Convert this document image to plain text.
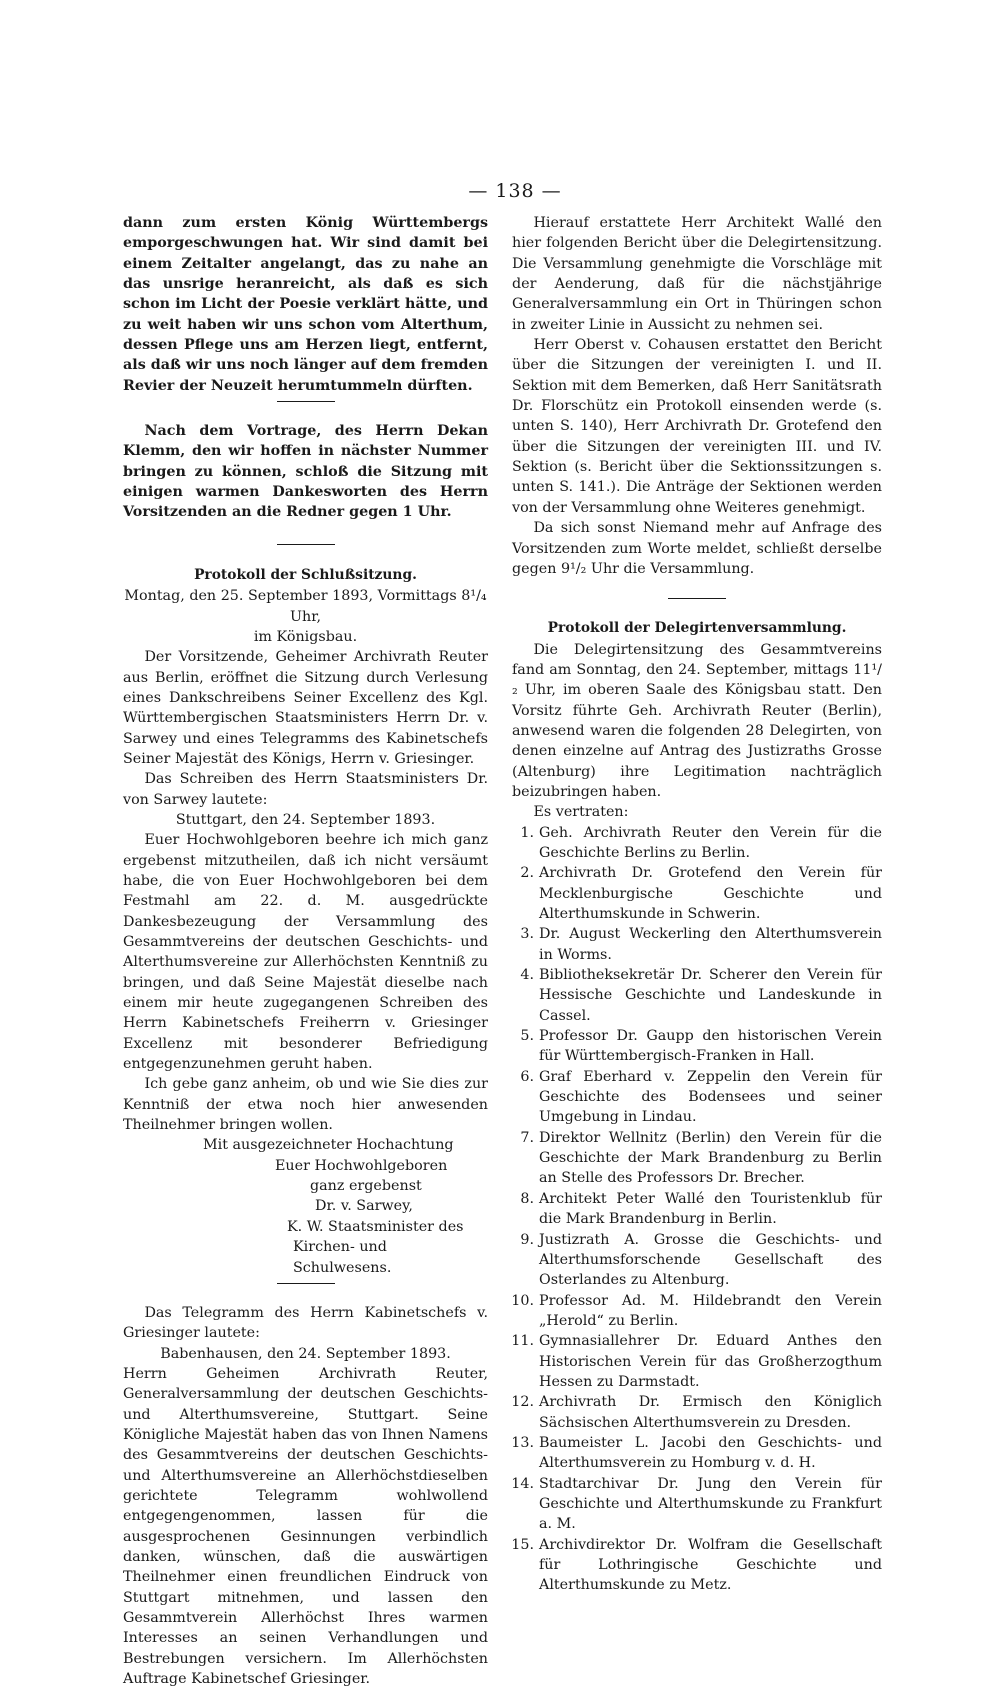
— 138 —

dann zum ersten König Württembergs emporgeschwungen hat. Wir sind damit bei einem Zeitalter angelangt, das zu nahe an das unsrige heranreicht, als daß es sich schon im Licht der Poesie verklärt hätte, und zu weit haben wir uns schon vom Alterthum, dessen Pflege uns am Herzen liegt, entfernt, als daß wir uns noch länger auf dem fremden Revier der Neuzeit herumtummeln dürften.

Nach dem Vortrage, des Herrn Dekan Klemm, den wir hoffen in nächster Nummer bringen zu können, schloß die Sitzung mit einigen warmen Dankesworten des Herrn Vorsitzenden an die Redner gegen 1 Uhr.

Protokoll der Schlußsitzung.

Montag, den 25. September 1893, Vormittags 8¹/₄ Uhr,

im Königsbau.

Der Vorsitzende, Geheimer Archivrath Reuter aus Berlin, eröffnet die Sitzung durch Verlesung eines Dankschreibens Seiner Excellenz des Kgl. Württembergischen Staatsministers Herrn Dr. v. Sarwey und eines Telegramms des Kabinetschefs Seiner Majestät des Königs, Herrn v. Griesinger.

Das Schreiben des Herrn Staatsministers Dr. von Sarwey lautete:

Stuttgart, den 24. September 1893.

Euer Hochwohlgeboren beehre ich mich ganz ergebenst mitzutheilen, daß ich nicht versäumt habe, die von Euer Hochwohlgeboren bei dem Festmahl am 22. d. M. ausgedrückte Dankesbezeugung der Versammlung des Gesammtvereins der deutschen Geschichts- und Alterthumsvereine zur Allerhöchsten Kenntniß zu bringen, und daß Seine Majestät dieselbe nach einem mir heute zugegangenen Schreiben des Herrn Kabinetschefs Freiherrn v. Griesinger Excellenz mit besonderer Befriedigung entgegenzunehmen geruht haben.

Ich gebe ganz anheim, ob und wie Sie dies zur Kenntniß der etwa noch hier anwesenden Theilnehmer bringen wollen.

Mit ausgezeichneter Hochachtung

Euer Hochwohlgeboren

ganz ergebenst

Dr. v. Sarwey,

K. W. Staatsminister des

Kirchen- und Schulwesens.

Das Telegramm des Herrn Kabinetschefs v. Griesinger lautete:

Babenhausen, den 24. September 1893.

Herrn Geheimen Archivrath Reuter, Generalversammlung der deutschen Geschichts- und Alterthumsvereine, Stuttgart. Seine Königliche Majestät haben das von Ihnen Namens des Gesammtvereins der deutschen Geschichts- und Alterthumsvereine an Allerhöchstdieselben gerichtete Telegramm wohlwollend entgegengenommen, lassen für die ausgesprochenen Gesinnungen verbindlich danken, wünschen, daß die auswärtigen Theilnehmer einen freundlichen Eindruck von Stuttgart mitnehmen, und lassen den Gesammtverein Allerhöchst Ihres warmen Interesses an seinen Verhandlungen und Bestrebungen versichern. Im Allerhöchsten Auftrage Kabinetschef Griesinger.

Hierauf erstattete Herr Architekt Wallé den hier folgenden Bericht über die Delegirtensitzung. Die Versammlung genehmigte die Vorschläge mit der Aenderung, daß für die nächstjährige Generalversammlung ein Ort in Thüringen schon in zweiter Linie in Aussicht zu nehmen sei.

Herr Oberst v. Cohausen erstattet den Bericht über die Sitzungen der vereinigten I. und II. Sektion mit dem Bemerken, daß Herr Sanitätsrath Dr. Florschütz ein Protokoll einsenden werde (s. unten S. 140), Herr Archivrath Dr. Grotefend den über die Sitzungen der vereinigten III. und IV. Sektion (s. Bericht über die Sektionssitzungen s. unten S. 141.). Die Anträge der Sektionen werden von der Versammlung ohne Weiteres genehmigt.

Da sich sonst Niemand mehr auf Anfrage des Vorsitzenden zum Worte meldet, schließt derselbe gegen 9¹/₂ Uhr die Versammlung.

Protokoll der Delegirtenversammlung.

Die Delegirtensitzung des Gesammtvereins fand am Sonntag, den 24. September, mittags 11¹/₂ Uhr, im oberen Saale des Königsbau statt. Den Vorsitz führte Geh. Archivrath Reuter (Berlin), anwesend waren die folgenden 28 Delegirten, von denen einzelne auf Antrag des Justizraths Grosse (Altenburg) ihre Legitimation nachträglich beizubringen haben.

Es vertraten:

1. Geh. Archivrath Reuter den Verein für die Geschichte Berlins zu Berlin.
2. Archivrath Dr. Grotefend den Verein für Mecklenburgische Geschichte und Alterthumskunde in Schwerin.
3. Dr. August Weckerling den Alterthumsverein in Worms.
4. Bibliotheksekretär Dr. Scherer den Verein für Hessische Geschichte und Landeskunde in Cassel.
5. Professor Dr. Gaupp den historischen Verein für Württembergisch-Franken in Hall.
6. Graf Eberhard v. Zeppelin den Verein für Geschichte des Bodensees und seiner Umgebung in Lindau.
7. Direktor Wellnitz (Berlin) den Verein für die Geschichte der Mark Brandenburg zu Berlin an Stelle des Professors Dr. Brecher.
8. Architekt Peter Wallé den Touristenklub für die Mark Brandenburg in Berlin.
9. Justizrath A. Grosse die Geschichts- und Alterthumsforschende Gesellschaft des Osterlandes zu Altenburg.
10. Professor Ad. M. Hildebrandt den Verein „Herold“ zu Berlin.
11. Gymnasiallehrer Dr. Eduard Anthes den Historischen Verein für das Großherzogthum Hessen zu Darmstadt.
12. Archivrath Dr. Ermisch den Königlich Sächsischen Alterthumsverein zu Dresden.
13. Baumeister L. Jacobi den Geschichts- und Alterthumsverein zu Homburg v. d. H.
14. Stadtarchivar Dr. Jung den Verein für Geschichte und Alterthumskunde zu Frankfurt a. M.
15. Archivdirektor Dr. Wolfram die Gesellschaft für Lothringische Geschichte und Alterthumskunde zu Metz.
